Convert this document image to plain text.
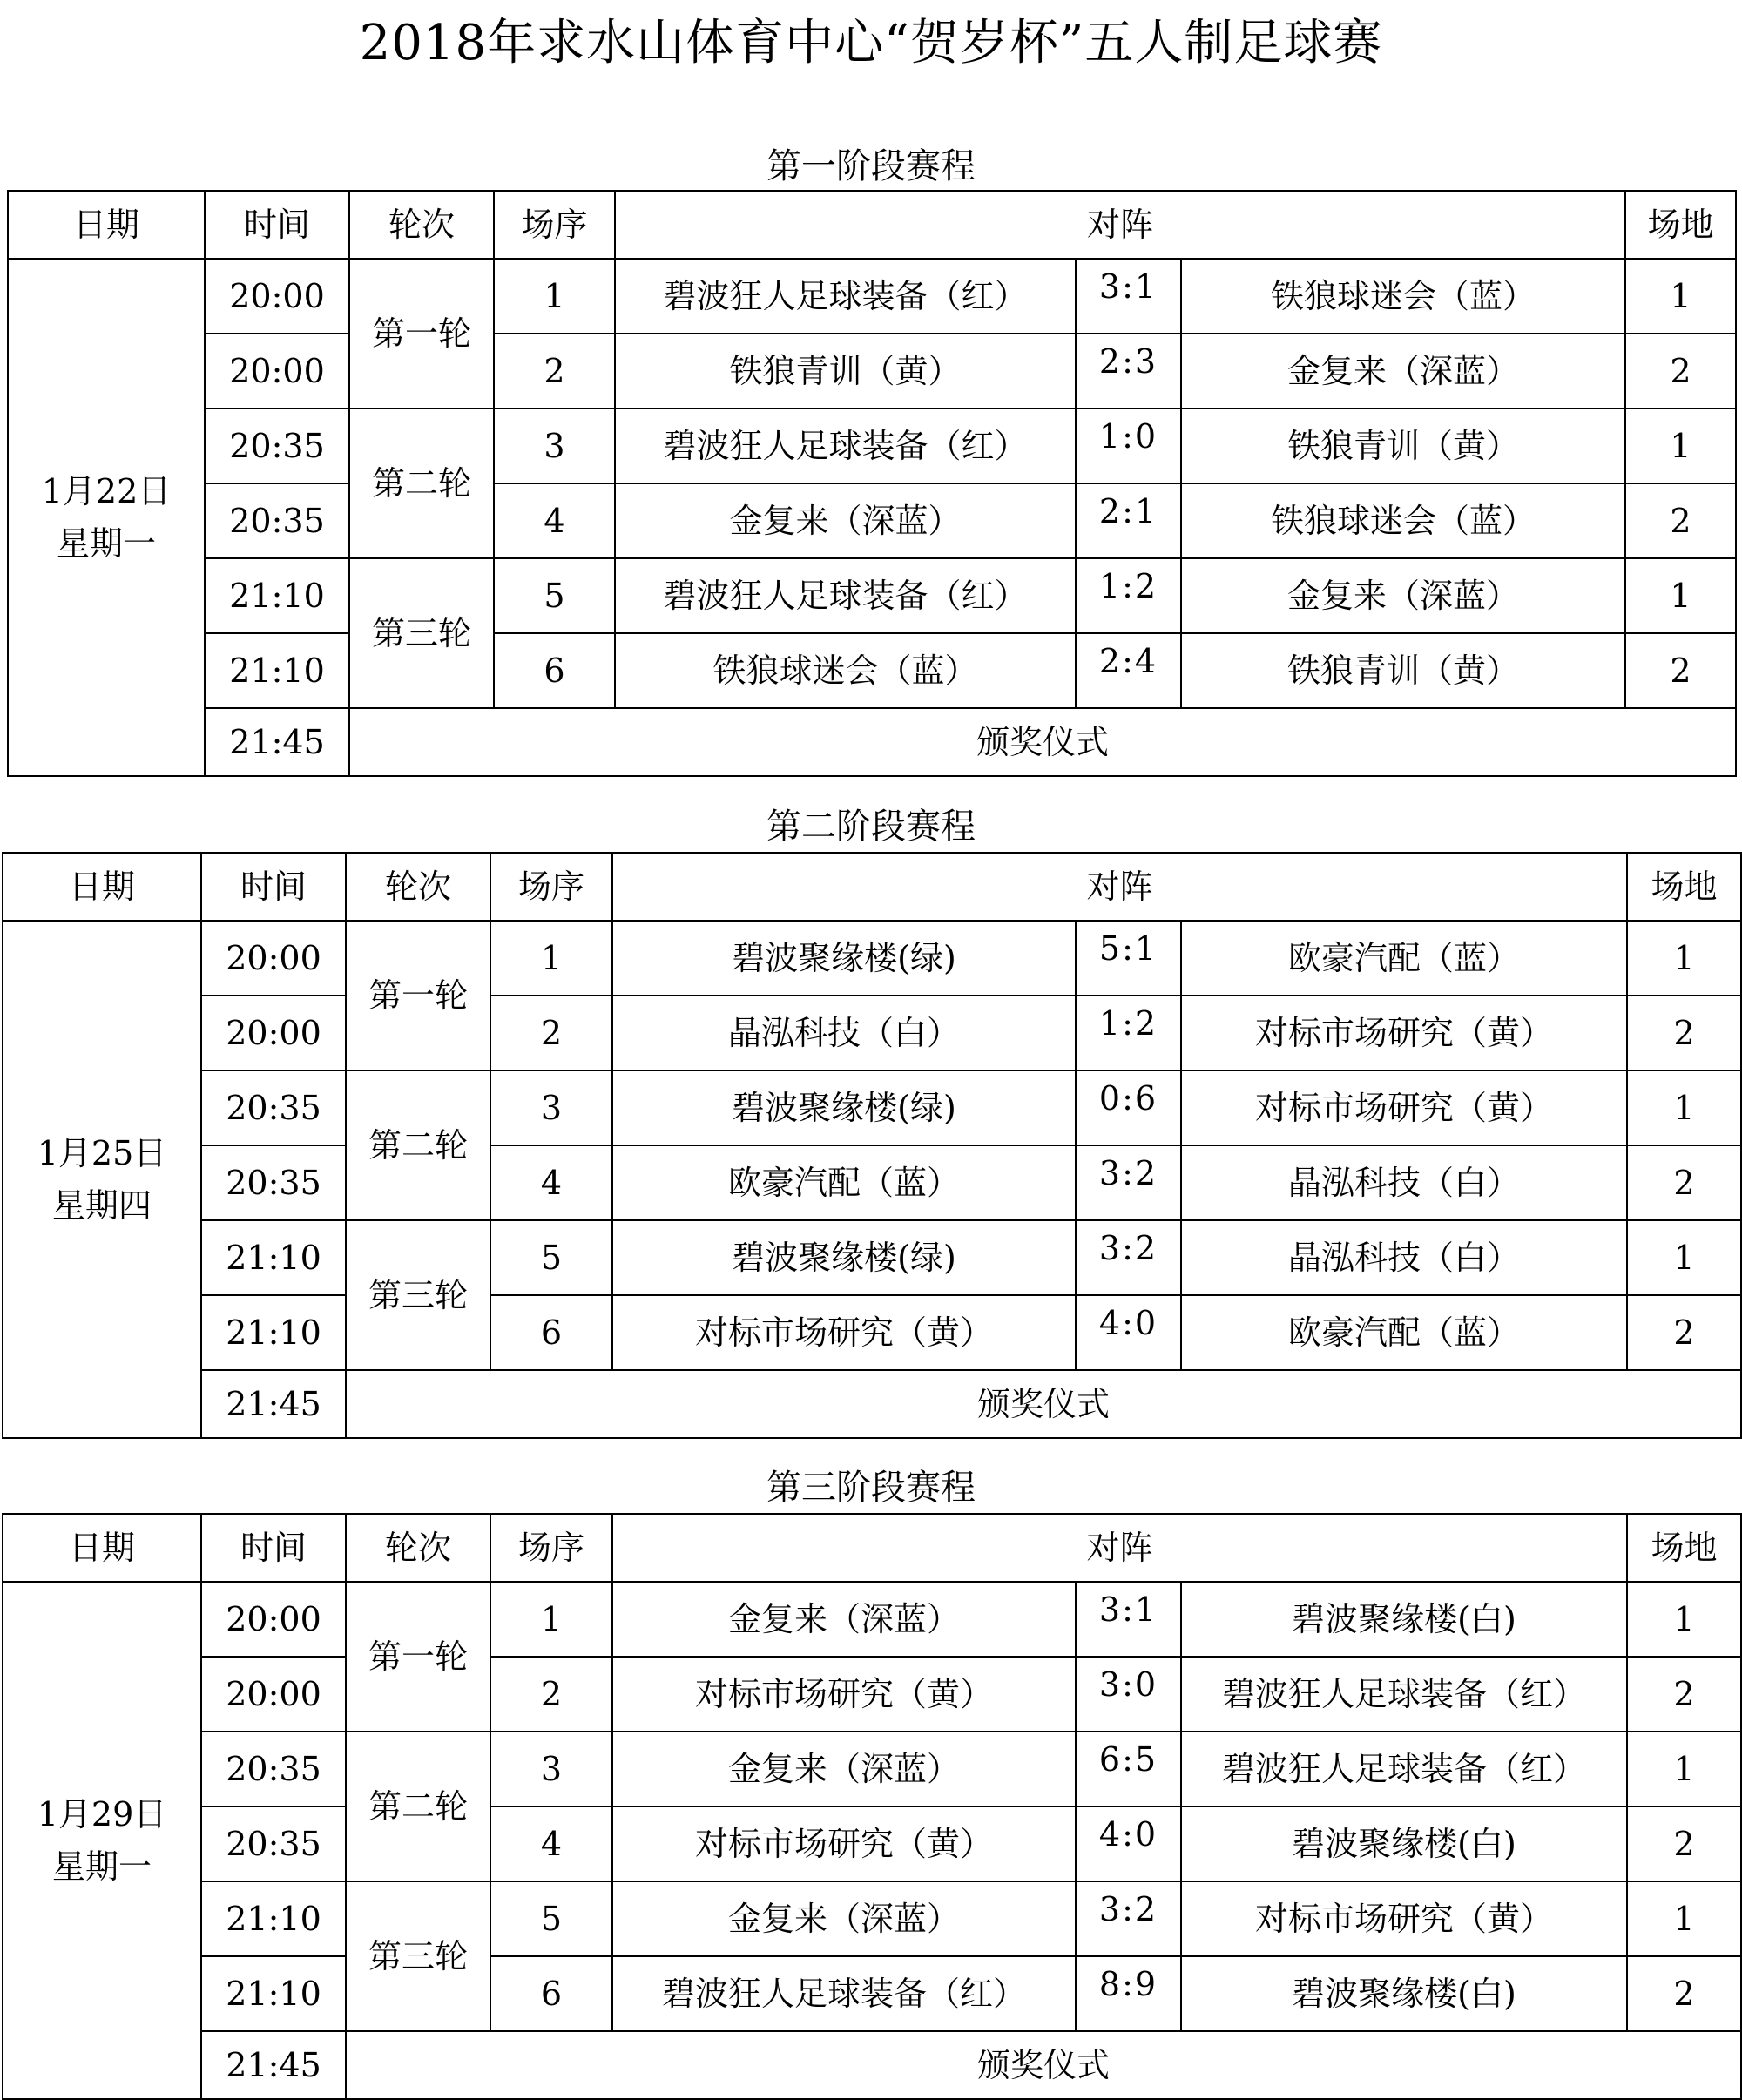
2018年求水山体育中心“贺岁杯”五人制足球赛
第一阶段赛程
日期	时间	轮次	场序	对阵			场地
1月22日
星期一	20:00	第一轮	1	碧波狂人足球装备（红）	3:1	铁狼球迷会（蓝）	1
	20:00		2	铁狼青训（黄）	2:3	金复来（深蓝）	2
	20:35	第二轮	3	碧波狂人足球装备（红）	1:0	铁狼青训（黄）	1
	20:35		4	金复来（深蓝）	2:1	铁狼球迷会（蓝）	2
	21:10	第三轮	5	碧波狂人足球装备（红）	1:2	金复来（深蓝）	1
	21:10		6	铁狼球迷会（蓝）	2:4	铁狼青训（黄）	2
	21:45	颁奖仪式					
第二阶段赛程
日期	时间	轮次	场序	对阵			场地
1月25日
星期四	20:00	第一轮	1	碧波聚缘楼(绿)	5:1	欧豪汽配（蓝）	1
	20:00		2	晶泓科技（白）	1:2	对标市场研究（黄）	2
	20:35	第二轮	3	碧波聚缘楼(绿)	0:6	对标市场研究（黄）	1
	20:35		4	欧豪汽配（蓝）	3:2	晶泓科技（白）	2
	21:10	第三轮	5	碧波聚缘楼(绿)	3:2	晶泓科技（白）	1
	21:10		6	对标市场研究（黄）	4:0	欧豪汽配（蓝）	2
	21:45	颁奖仪式					
第三阶段赛程
日期	时间	轮次	场序	对阵			场地
1月29日
星期一	20:00	第一轮	1	金复来（深蓝）	3:1	碧波聚缘楼(白)	1
	20:00		2	对标市场研究（黄）	3:0	碧波狂人足球装备（红）	2
	20:35	第二轮	3	金复来（深蓝）	6:5	碧波狂人足球装备（红）	1
	20:35		4	对标市场研究（黄）	4:0	碧波聚缘楼(白)	2
	21:10	第三轮	5	金复来（深蓝）	3:2	对标市场研究（黄）	1
	21:10		6	碧波狂人足球装备（红）	8:9	碧波聚缘楼(白)	2
	21:45	颁奖仪式					
